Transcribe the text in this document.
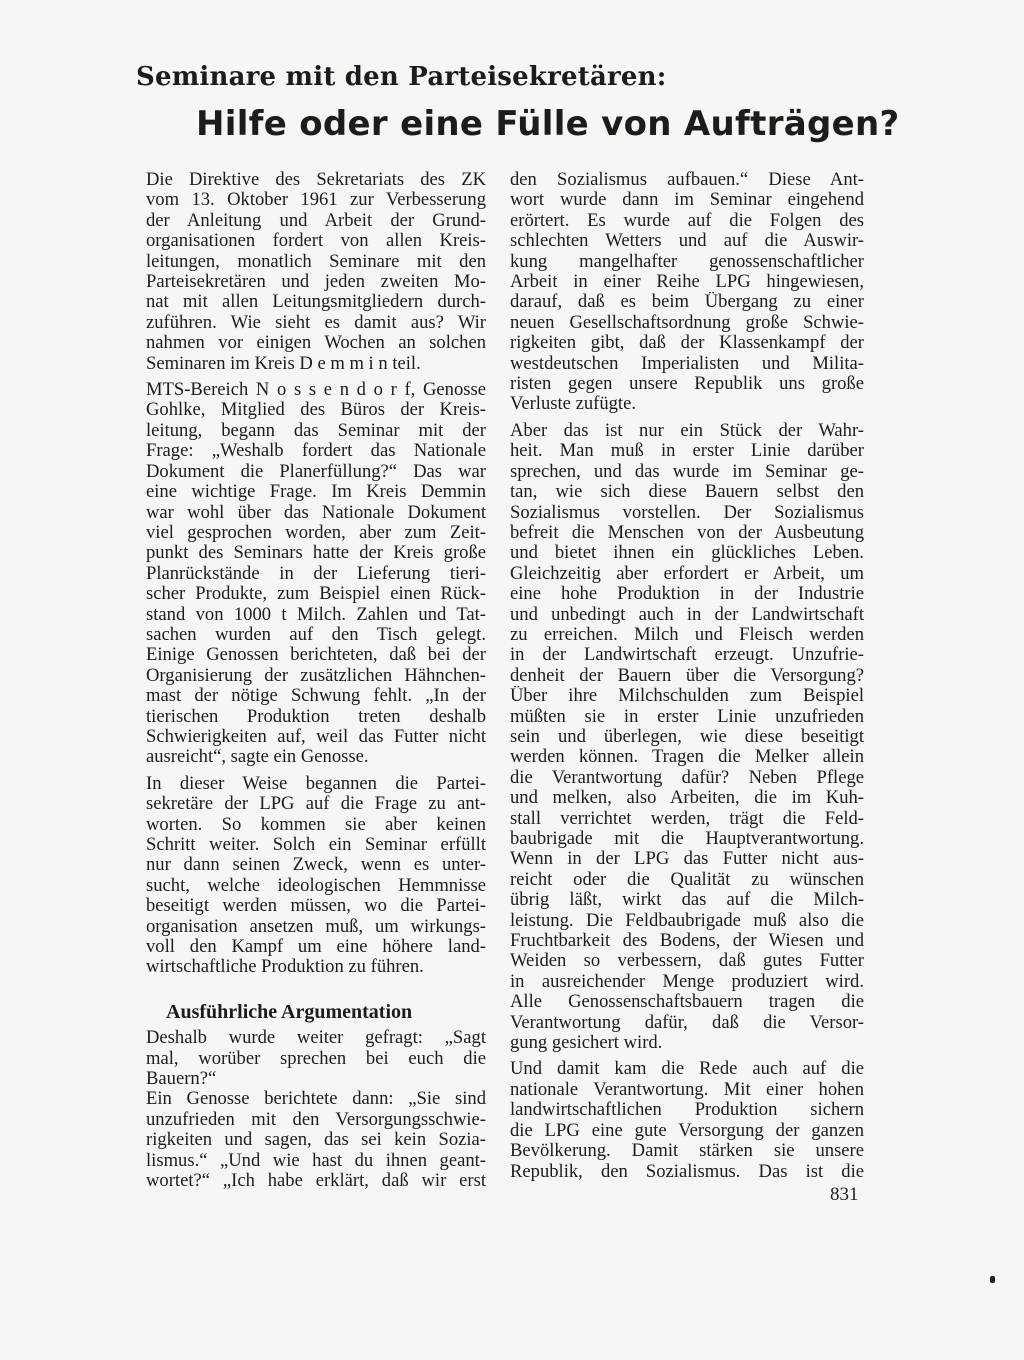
Seminare mit den Parteisekretären:
Hilfe oder eine Fülle von Aufträgen?

Die Direktive des Sekretariats des ZK
vom 13. Oktober 1961 zur Verbesserung
der Anleitung und Arbeit der Grund-
organisationen fordert von allen Kreis-
leitungen, monatlich Seminare mit den
Parteisekretären und jeden zweiten Mo-
nat mit allen Leitungsmitgliedern durch-
zuführen. Wie sieht es damit aus? Wir
nahmen vor einigen Wochen an solchen
Seminaren im Kreis D e m m i n teil.

MTS-Bereich N o s s e n d o r f, Genosse
Gohlke, Mitglied des Büros der Kreis-
leitung, begann das Seminar mit der
Frage: „Weshalb fordert das Nationale
Dokument die Planerfüllung?“ Das war
eine wichtige Frage. Im Kreis Demmin
war wohl über das Nationale Dokument
viel gesprochen worden, aber zum Zeit-
punkt des Seminars hatte der Kreis große
Planrückstände in der Lieferung tieri-
scher Produkte, zum Beispiel einen Rück-
stand von 1000 t Milch. Zahlen und Tat-
sachen wurden auf den Tisch gelegt.
Einige Genossen berichteten, daß bei der
Organisierung der zusätzlichen Hähnchen-
mast der nötige Schwung fehlt. „In der
tierischen Produktion treten deshalb
Schwierigkeiten auf, weil das Futter nicht
ausreicht“, sagte ein Genosse.

In dieser Weise begannen die Partei-
sekretäre der LPG auf die Frage zu ant-
worten. So kommen sie aber keinen
Schritt weiter. Solch ein Seminar erfüllt
nur dann seinen Zweck, wenn es unter-
sucht, welche ideologischen Hemmnisse
beseitigt werden müssen, wo die Partei-
organisation ansetzen muß, um wirkungs-
voll den Kampf um eine höhere land-
wirtschaftliche Produktion zu führen.

Ausführliche Argumentation

Deshalb wurde weiter gefragt: „Sagt
mal, worüber sprechen bei euch die
Bauern?“

Ein Genosse berichtete dann: „Sie sind
unzufrieden mit den Versorgungsschwie-
rigkeiten und sagen, das sei kein Sozia-
lismus.“ „Und wie hast du ihnen geant-
wortet?“ „Ich habe erklärt, daß wir erst

den Sozialismus aufbauen.“ Diese Ant-
wort wurde dann im Seminar eingehend
erörtert. Es wurde auf die Folgen des
schlechten Wetters und auf die Auswir-
kung mangelhafter genossenschaftlicher
Arbeit in einer Reihe LPG hingewiesen,
darauf, daß es beim Übergang zu einer
neuen Gesellschaftsordnung große Schwie-
rigkeiten gibt, daß der Klassenkampf der
westdeutschen Imperialisten und Milita-
risten gegen unsere Republik uns große
Verluste zufügte.

Aber das ist nur ein Stück der Wahr-
heit. Man muß in erster Linie darüber
sprechen, und das wurde im Seminar ge-
tan, wie sich diese Bauern selbst den
Sozialismus vorstellen. Der Sozialismus
befreit die Menschen von der Ausbeutung
und bietet ihnen ein glückliches Leben.
Gleichzeitig aber erfordert er Arbeit, um
eine hohe Produktion in der Industrie
und unbedingt auch in der Landwirtschaft
zu erreichen. Milch und Fleisch werden
in der Landwirtschaft erzeugt. Unzufrie-
denheit der Bauern über die Versorgung?
Über ihre Milchschulden zum Beispiel
müßten sie in erster Linie unzufrieden
sein und überlegen, wie diese beseitigt
werden können. Tragen die Melker allein
die Verantwortung dafür? Neben Pflege
und melken, also Arbeiten, die im Kuh-
stall verrichtet werden, trägt die Feld-
baubrigade mit die Hauptverantwortung.
Wenn in der LPG das Futter nicht aus-
reicht oder die Qualität zu wünschen
übrig läßt, wirkt das auf die Milch-
leistung. Die Feldbaubrigade muß also die
Fruchtbarkeit des Bodens, der Wiesen und
Weiden so verbessern, daß gutes Futter
in ausreichender Menge produziert wird.
Alle Genossenschaftsbauern tragen die
Verantwortung dafür, daß die Versor-
gung gesichert wird.

Und damit kam die Rede auch auf die
nationale Verantwortung. Mit einer hohen
landwirtschaftlichen Produktion sichern
die LPG eine gute Versorgung der ganzen
Bevölkerung. Damit stärken sie unsere
Republik, den Sozialismus. Das ist die

831
